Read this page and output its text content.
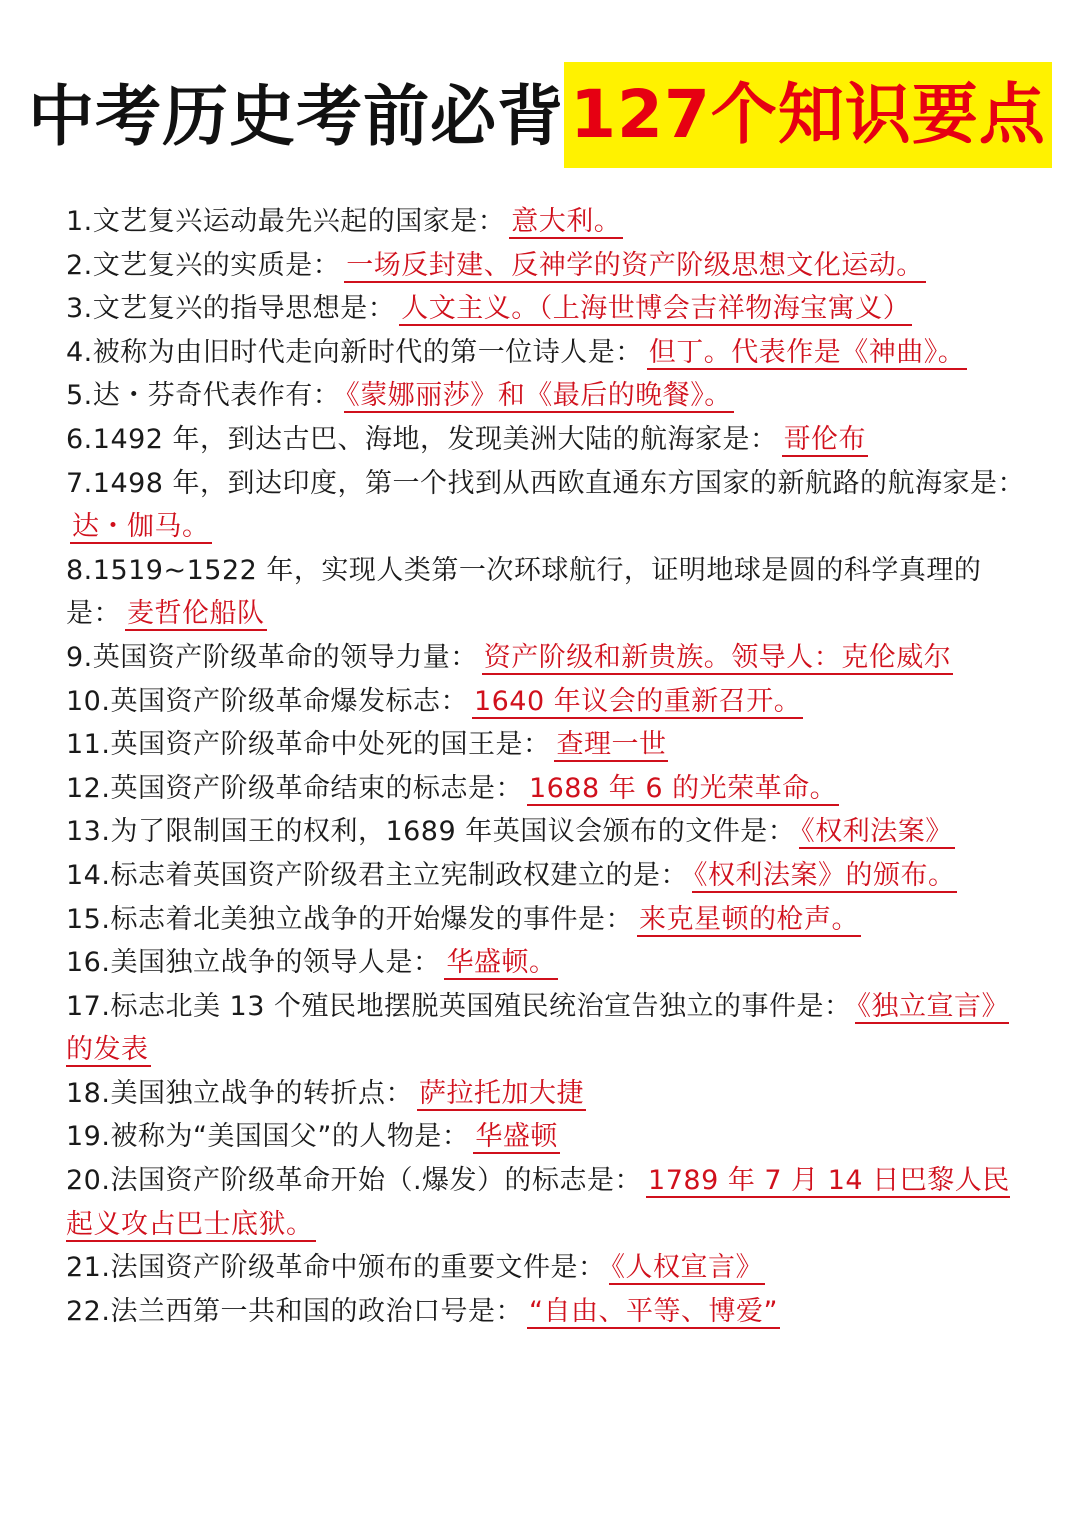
中考历史考前必背127个知识要点
1.文艺复兴运动最先兴起的国家是： 意大利。
2.文艺复兴的实质是： 一场反封建、反神学的资产阶级思想文化运动。
3.文艺复兴的指导思想是： 人文主义。（上海世博会吉祥物海宝寓义）
4.被称为由旧时代走向新时代的第一位诗人是： 但丁。代表作是《神曲》。
5.达・芬奇代表作有： 《蒙娜丽莎》和《最后的晚餐》。
6.1492 年，到达古巴、海地，发现美洲大陆的航海家是： 哥伦布
7.1498 年，到达印度，第一个找到从西欧直通东方国家的新航路的航海家是：达・伽马。
8.1519~1522 年，实现人类第一次环球航行，证明地球是圆的科学真理的是： 麦哲伦船队
9.英国资产阶级革命的领导力量： 资产阶级和新贵族。领导人：克伦威尔
10.英国资产阶级革命爆发标志： 1640 年议会的重新召开。
11.英国资产阶级革命中处死的国王是： 查理一世
12.英国资产阶级革命结束的标志是： 1688 年 6 的光荣革命。
13.为了限制国王的权利，1689 年英国议会颁布的文件是： 《权利法案》
14.标志着英国资产阶级君主立宪制政权建立的是： 《权利法案》的颁布。
15.标志着北美独立战争的开始爆发的事件是： 来克星顿的枪声。
16.美国独立战争的领导人是： 华盛顿。
17.标志北美 13 个殖民地摆脱英国殖民统治宣告独立的事件是： 《独立宣言》的发表
18.美国独立战争的转折点： 萨拉托加大捷
19.被称为“美国国父”的人物是： 华盛顿
20.法国资产阶级革命开始（.爆发）的标志是： 1789 年 7 月 14 日巴黎人民起义攻占巴士底狱。
21.法国资产阶级革命中颁布的重要文件是： 《人权宣言》
22.法兰西第一共和国的政治口号是： “自由、平等、博爱”
